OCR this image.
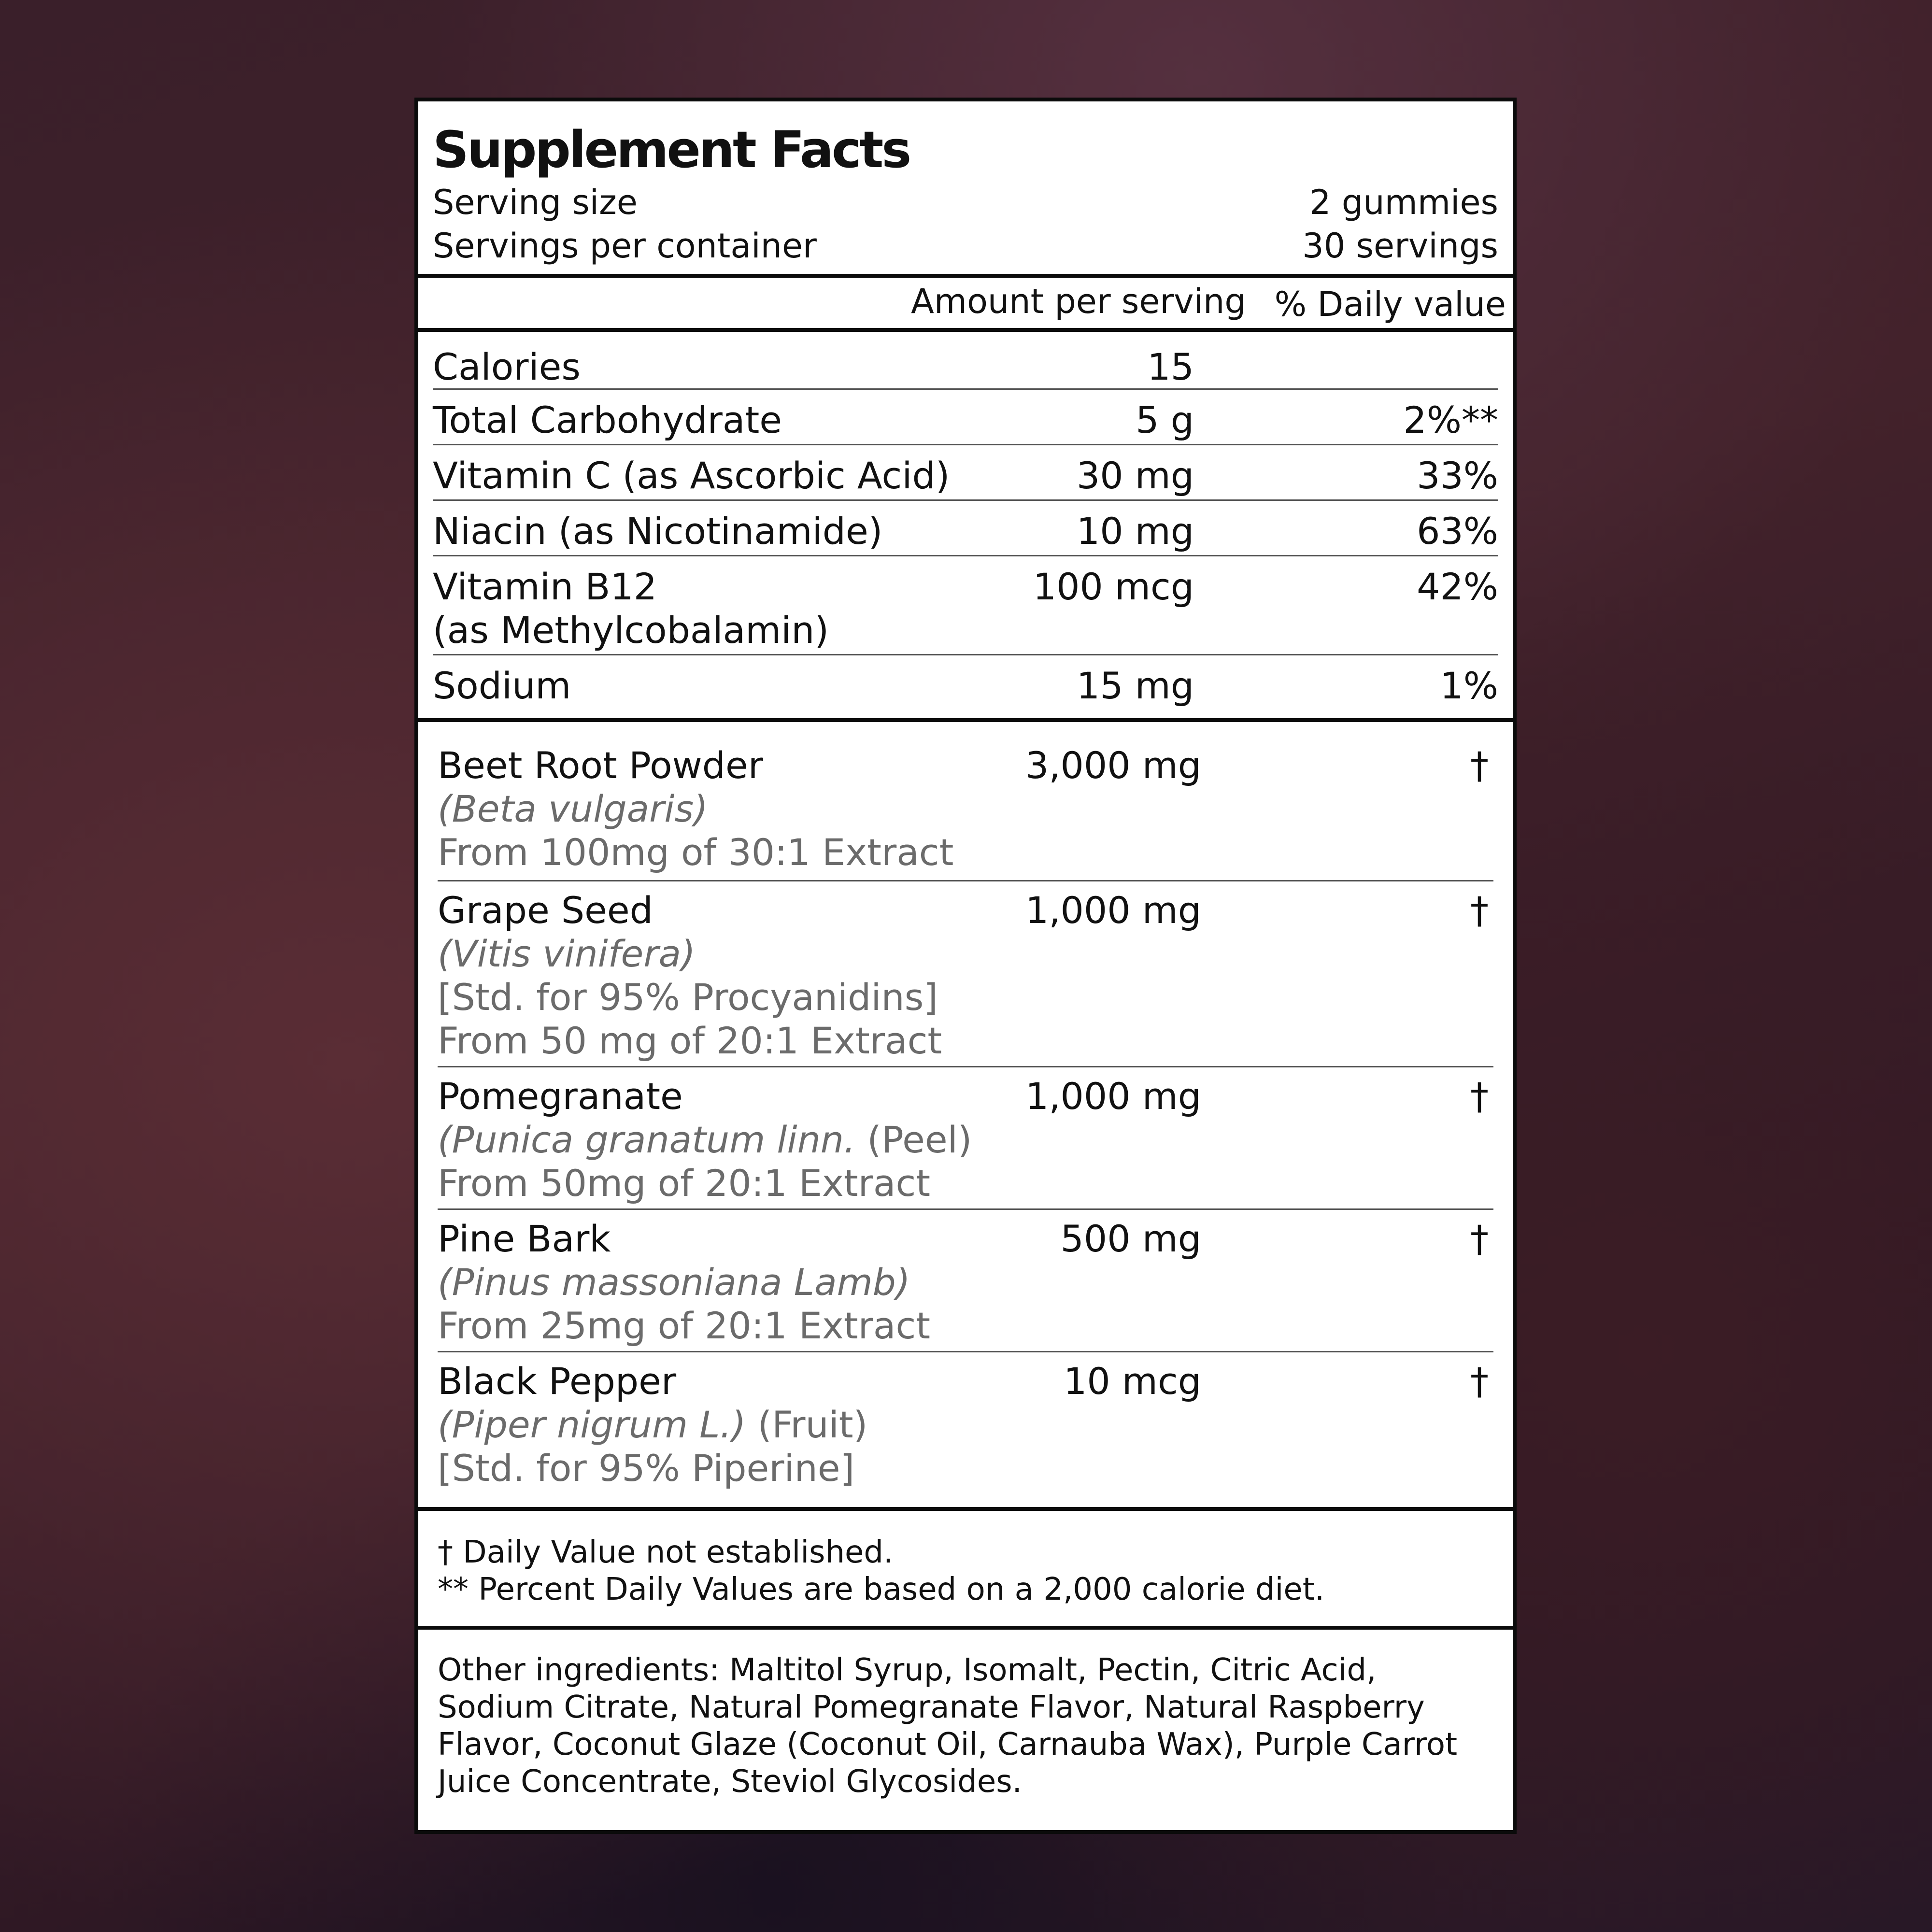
Supplement Facts
Serving size	2 gummies
Servings per container	30 servings
Amount per serving % Daily value
Calories	15
Total Carbohydrate	5 g	2%**
Vitamin C (as Ascorbic Acid)	30 mg	33%
Niacin (as Nicotinamide)	10 mg	63%
Vitamin B12
(as Methylcobalamin)
100 mcg	42%
Sodium	15 mg	1%
Beet Root Powder
(Beta vulgaris)
From 100mg of 30:1 Extract
3,000 mg	†
Grape Seed
(Vitis vinifera)
[Std. for 95% Procyanidins]
From 50 mg of 20:1 Extract
1,000 mg	†
Pomegranate
(Punica granatum linn. (Peel)
From 50mg of 20:1 Extract
1,000 mg	†
Pine Bark
(Pinus massoniana Lamb)
From 25mg of 20:1 Extract
500 mg	†
Black Pepper
(Piper nigrum L.) (Fruit)
[Std. for 95% Piperine]
10 mcg	†
† Daily Value not established.
** Percent Daily Values are based on a 2,000 calorie diet.
Other ingredients: Maltitol Syrup, Isomalt, Pectin, Citric Acid, Sodium Citrate, Natural Pomegranate Flavor, Natural Raspberry Flavor, Coconut Glaze (Coconut Oil, Carnauba Wax), Purple Carrot Juice Concentrate, Steviol Glycosides.
